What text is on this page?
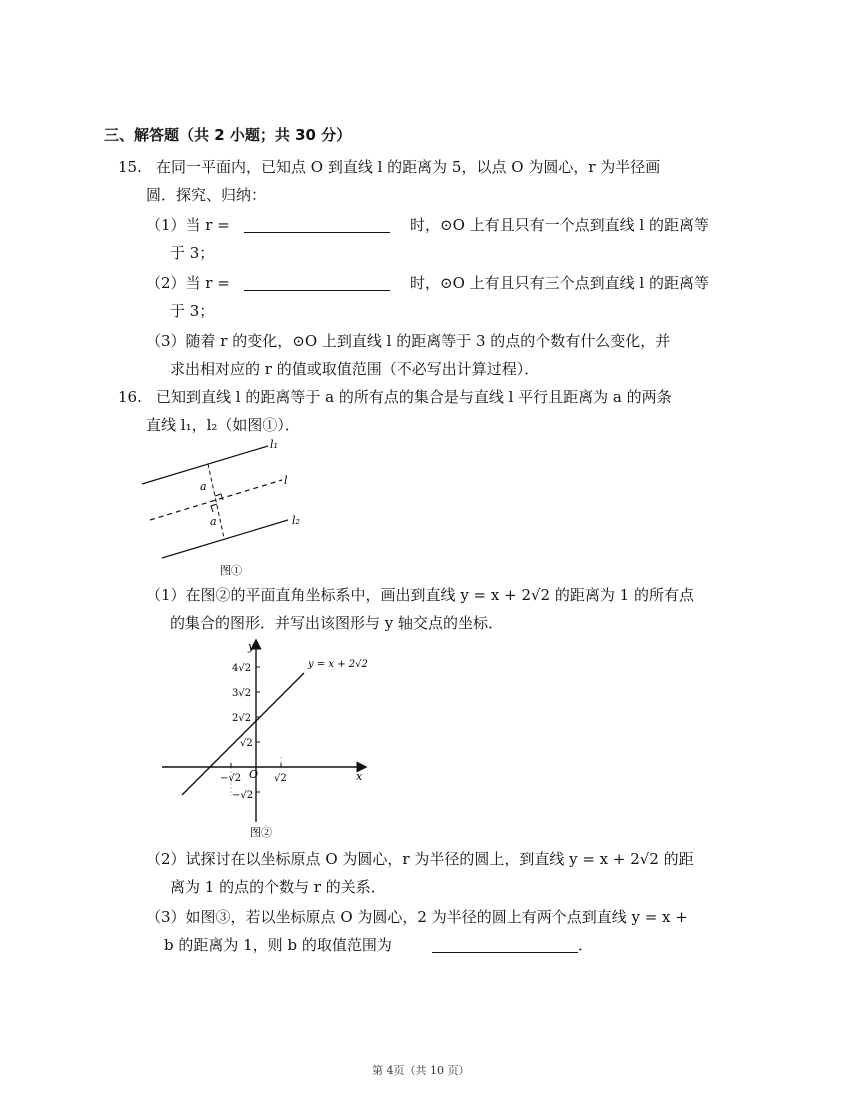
三、解答题（共 2 小题；共 30 分）
15. 在同一平面内，已知点 O 到直线 l 的距离为 5，以点 O 为圆心，r 为半径画
圆．探究、归纳：
（1）当 r =	时，⊙O 上有且只有一个点到直线 l 的距离等
于 3；
（2）当 r =	时，⊙O 上有且只有三个点到直线 l 的距离等
于 3；
（3）随着 r 的变化，⊙O 上到直线 l 的距离等于 3 的点的个数有什么变化，并
求出相对应的 r 的值或取值范围（不必写出计算过程）．
16. 已知到直线 l 的距离等于 a 的所有点的集合是与直线 l 平行且距离为 a 的两条
直线 l₁，l₂（如图①）．
l₁
l
l₂
a
a
图①
（1）在图②的平面直角坐标系中，画出到直线 y = x + 2√2 的距离为 1 的所有点
的集合的图形．并写出该图形与 y 轴交点的坐标．
y
x
O
y = x + 2√2
4√2
3√2
2√2
√2
−√2
−√2	√2
图②
（2）试探讨在以坐标原点 O 为圆心，r 为半径的圆上，到直线 y = x + 2√2 的距
离为 1 的点的个数与 r 的关系．
（3）如图③，若以坐标原点 O 为圆心，2 为半径的圆上有两个点到直线 y = x +
b 的距离为 1，则 b 的取值范围为	．
第 4页（共 10 页）
